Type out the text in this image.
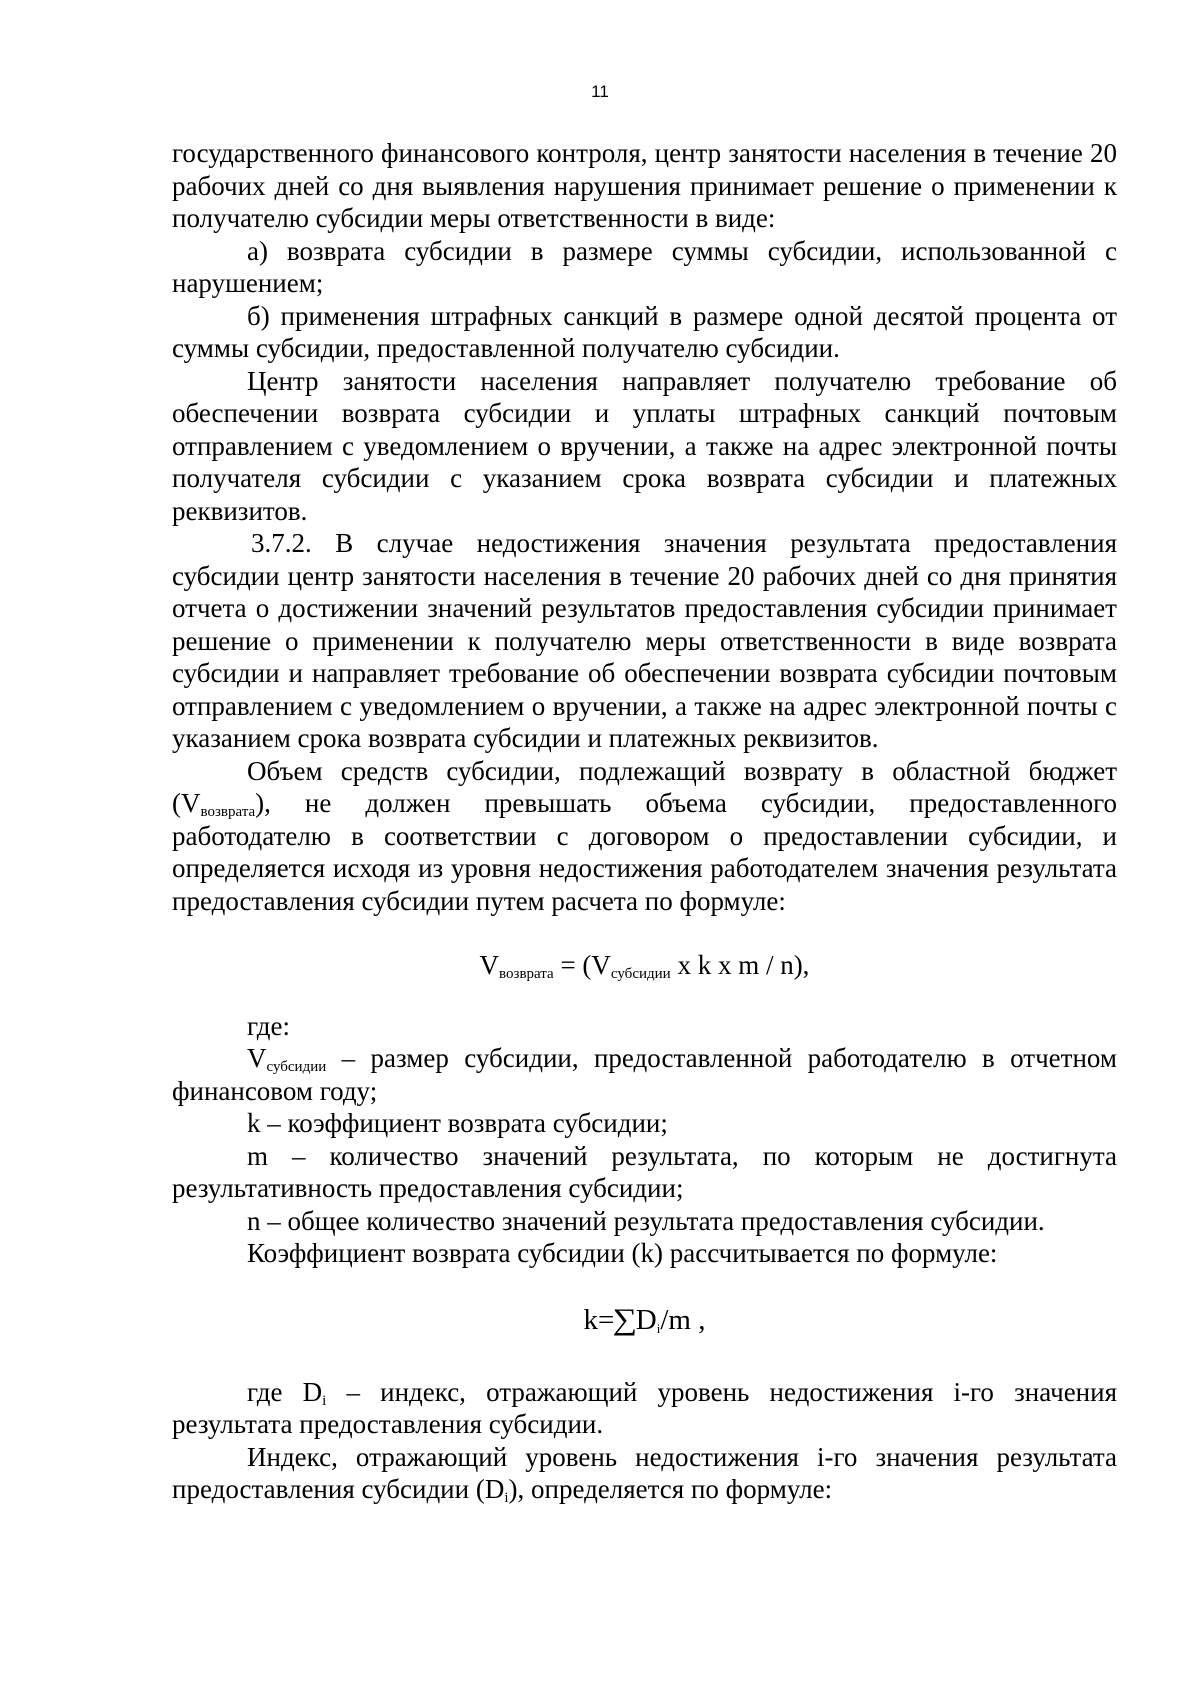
11

государственного финансового контроля, центр занятости населения в течение 20 рабочих дней со дня выявления нарушения принимает решение о применении к получателю субсидии меры ответственности в виде:

а) возврата субсидии в размере суммы субсидии, использованной с нарушением;

б) применения штрафных санкций в размере одной десятой процента от суммы субсидии, предоставленной получателю субсидии.

Центр занятости населения направляет получателю требование об обеспечении возврата субсидии и уплаты штрафных санкций почтовым отправлением с уведомлением о вручении, а также на адрес электронной почты получателя субсидии с указанием срока возврата субсидии и платежных реквизитов.

3.7.2. В случае недостижения значения результата предоставления субсидии центр занятости населения в течение 20 рабочих дней со дня принятия отчета о достижении значений результатов предоставления субсидии принимает решение о применении к получателю меры ответственности в виде возврата субсидии и направляет требование об обеспечении возврата субсидии почтовым отправлением с уведомлением о вручении, а также на адрес электронной почты с указанием срока возврата субсидии и платежных реквизитов.

Объем средств субсидии, подлежащий возврату в областной бюджет $(V_{возврата})$, не должен превышать объема субсидии, предоставленного работодателю в соответствии с договором о предоставлении субсидии, и определяется исходя из уровня недостижения работодателем значения результата предоставления субсидии путем расчета по формуле:

$V_{возврата} = (V_{субсидии}$ x k x m / n),

где:

$V_{субсидии}$ – размер субсидии, предоставленной работодателю в отчетном финансовом году;

k – коэффициент возврата субсидии;

m – количество значений результата, по которым не достигнута результативность предоставления субсидии;

n – общее количество значений результата предоставления субсидии.

Коэффициент возврата субсидии (k) рассчитывается по формуле:

k=∑Di/m ,

где $D_i$ – индекс, отражающий уровень недостижения i-го значения результата предоставления субсидии.

Индекс, отражающий уровень недостижения i-го значения результата предоставления субсидии $(D_i)$, определяется по формуле:
